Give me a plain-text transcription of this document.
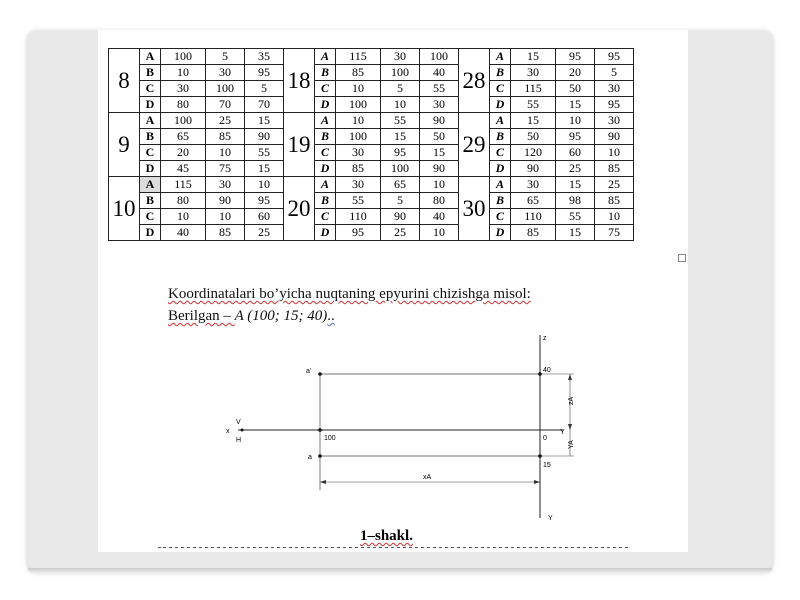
8	A	100	5	35	18	A	115	30	100	28	A	15	95	95
	B	10	30	95		B	85	100	40		B	30	20	5
	C	30	100	5		C	10	5	55		C	115	50	30
	D	80	70	70		D	100	10	30		D	55	15	95
9	A	100	25	15	19	A	10	55	90	29	A	15	10	30
	B	65	85	90		B	100	15	50		B	50	95	90
	C	20	10	55		C	30	95	15		C	120	60	10
	D	45	75	15		D	85	100	90		D	90	25	85
10	A	115	30	10	20	A	30	65	10	30	A	30	15	25
	B	80	90	95		B	55	5	80		B	65	98	85
	C	10	10	60		C	110	90	40		C	110	55	10
	D	40	85	25		D	95	25	10		D	85	15	75
Koordinatalari bo’yicha nuqtaning epyurini chizishga misol:
Berilgan – A (100; 15; 40)..
a'
a
x
V
H
z
Y
Y
40
100	0
15
xA
zA
YA
1–shakl.
